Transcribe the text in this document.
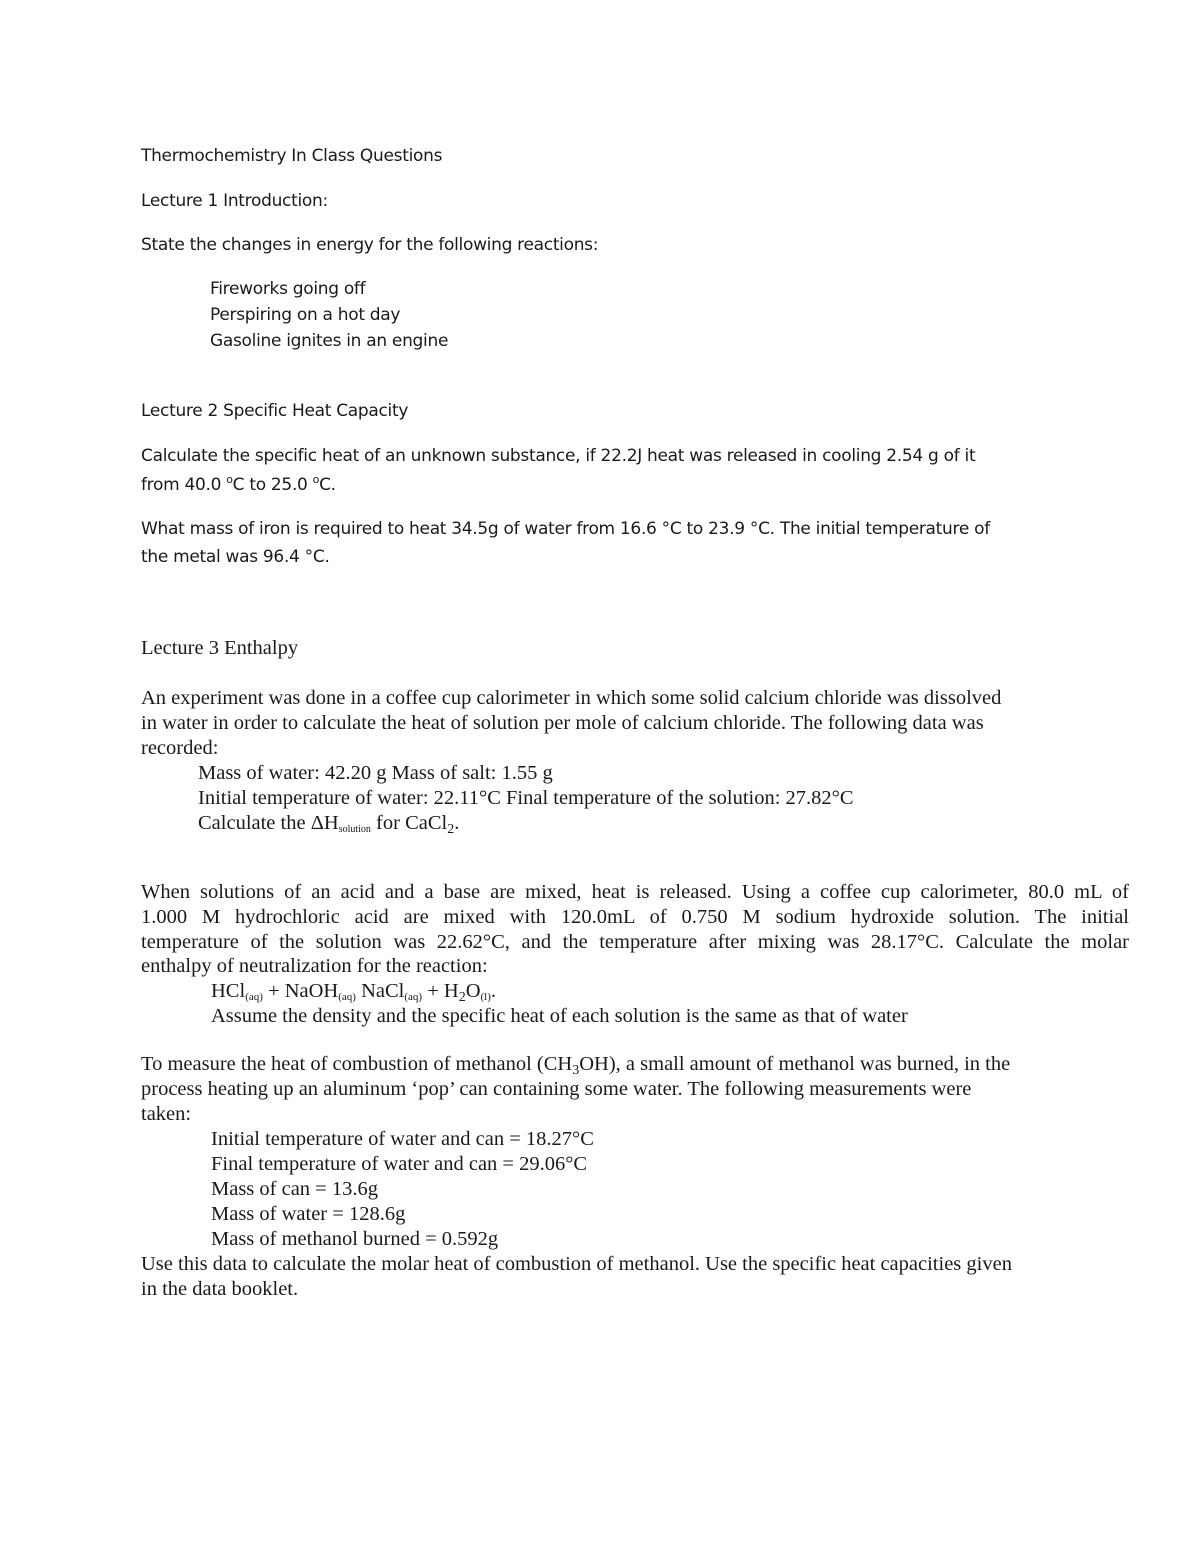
Thermochemistry In Class Questions
Lecture 1 Introduction:
State the changes in energy for the following reactions:
Fireworks going off
Perspiring on a hot day
Gasoline ignites in an engine
Lecture 2 Specific Heat Capacity
Calculate the specific heat of an unknown substance, if 22.2J heat was released in cooling 2.54 g of it
from 40.0 $^o$C to 25.0 $^o$C.
What mass of iron is required to heat 34.5g of water from 16.6 °C to 23.9 °C. The initial temperature of
the metal was 96.4 °C.
Lecture 3 Enthalpy
An experiment was done in a coffee cup calorimeter in which some solid calcium chloride was dissolved
in water in order to calculate the heat of solution per mole of calcium chloride. The following data was
recorded:
Mass of water: 42.20 g Mass of salt: 1.55 g
Initial temperature of water: 22.11°C Final temperature of the solution: 27.82°C
Calculate the $\Delta H_{solution}$ for CaCl$_2$.
When solutions of an acid and a base are mixed, heat is released. Using a coffee cup calorimeter, 80.0 mL of
1.000 M hydrochloric acid are mixed with 120.0mL of 0.750 M sodium hydroxide solution. The initial
temperature of the solution was 22.62°C, and the temperature after mixing was 28.17°C. Calculate the molar
enthalpy of neutralization for the reaction:
HCl$_{(aq)}$ + NaOH$_{(aq)}$ NaCl$_{(aq)}$ + $H_2O_{(l)}$.
Assume the density and the specific heat of each solution is the same as that of water
To measure the heat of combustion of methanol $(CH_3OH)$, a small amount of methanol was burned, in the
process heating up an aluminum ‘pop’ can containing some water. The following measurements were
taken:
Initial temperature of water and can = 18.27°C
Final temperature of water and can = 29.06°C
Mass of can = 13.6g
Mass of water = 128.6g
Mass of methanol burned = 0.592g
Use this data to calculate the molar heat of combustion of methanol. Use the specific heat capacities given
in the data booklet.
